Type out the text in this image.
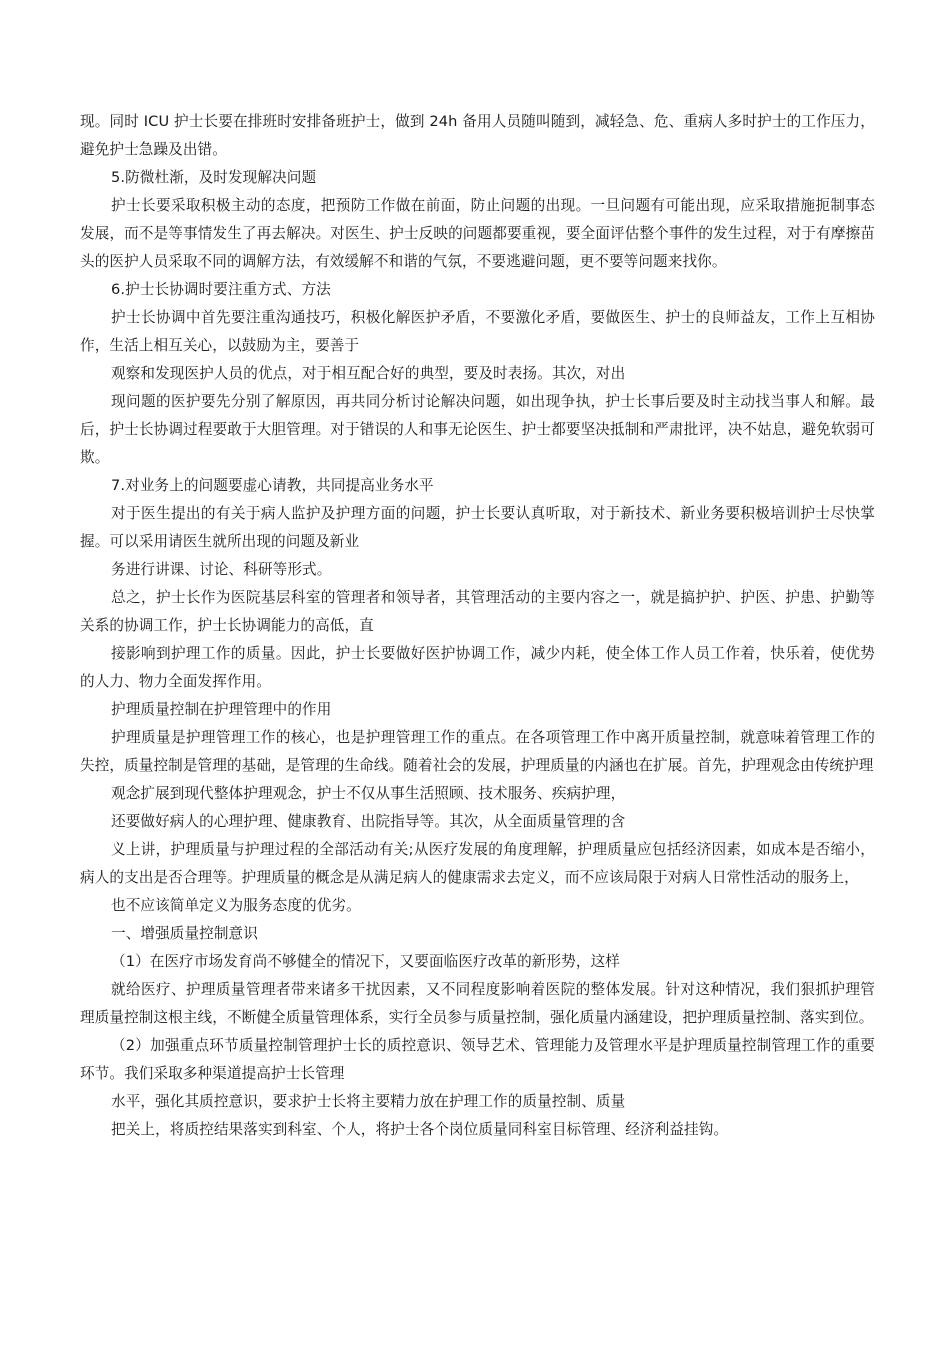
现。同时 ICU 护士长要在排班时安排备班护士，做到 24h 备用人员随叫随到，减轻急、危、重病人多时护士的工作压力，避免护士急躁及出错。

5.防微杜渐，及时发现解决问题

护士长要采取积极主动的态度，把预防工作做在前面，防止问题的出现。一旦问题有可能出现，应采取措施扼制事态发展，而不是等事情发生了再去解决。对医生、护士反映的问题都要重视，要全面评估整个事件的发生过程，对于有摩擦苗头的医护人员采取不同的调解方法，有效缓解不和谐的气氛，不要逃避问题，更不要等问题来找你。

6.护士长协调时要注重方式、方法

护士长协调中首先要注重沟通技巧，积极化解医护矛盾，不要激化矛盾，要做医生、护士的良师益友，工作上互相协作，生活上相互关心，以鼓励为主，要善于

观察和发现医护人员的优点，对于相互配合好的典型，要及时表扬。其次，对出

现问题的医护要先分别了解原因，再共同分析讨论解决问题，如出现争执，护士长事后要及时主动找当事人和解。最后，护士长协调过程要敢于大胆管理。对于错误的人和事无论医生、护士都要坚决抵制和严肃批评，决不姑息，避免软弱可欺。

7.对业务上的问题要虚心请教，共同提高业务水平

对于医生提出的有关于病人监护及护理方面的问题，护士长要认真听取，对于新技术、新业务要积极培训护士尽快掌握。可以采用请医生就所出现的问题及新业

务进行讲课、讨论、科研等形式。

总之，护士长作为医院基层科室的管理者和领导者，其管理活动的主要内容之一，就是搞护护、护医、护患、护勤等关系的协调工作，护士长协调能力的高低，直

接影响到护理工作的质量。因此，护士长要做好医护协调工作，减少内耗，使全体工作人员工作着，快乐着，使优势的人力、物力全面发挥作用。

护理质量控制在护理管理中的作用

护理质量是护理管理工作的核心，也是护理管理工作的重点。在各项管理工作中离开质量控制，就意味着管理工作的失控，质量控制是管理的基础，是管理的生命线。随着社会的发展，护理质量的内涵也在扩展。首先，护理观念由传统护理

观念扩展到现代整体护理观念，护士不仅从事生活照顾、技术服务、疾病护理，

还要做好病人的心理护理、健康教育、出院指导等。其次，从全面质量管理的含

义上讲，护理质量与护理过程的全部活动有关;从医疗发展的角度理解，护理质量应包括经济因素，如成本是否缩小，病人的支出是否合理等。护理质量的概念是从满足病人的健康需求去定义，而不应该局限于对病人日常性活动的服务上，

也不应该简单定义为服务态度的优劣。

一、增强质量控制意识

（1）在医疗市场发育尚不够健全的情况下，又要面临医疗改革的新形势，这样

就给医疗、护理质量管理者带来诸多干扰因素，又不同程度影响着医院的整体发展。针对这种情况，我们狠抓护理管理质量控制这根主线，不断健全质量管理体系，实行全员参与质量控制，强化质量内涵建设，把护理质量控制、落实到位。

（2）加强重点环节质量控制管理护士长的质控意识、领导艺术、管理能力及管理水平是护理质量控制管理工作的重要环节。我们采取多种渠道提高护士长管理

水平，强化其质控意识，要求护士长将主要精力放在护理工作的质量控制、质量

把关上，将质控结果落实到科室、个人，将护士各个岗位质量同科室目标管理、经济利益挂钩。
